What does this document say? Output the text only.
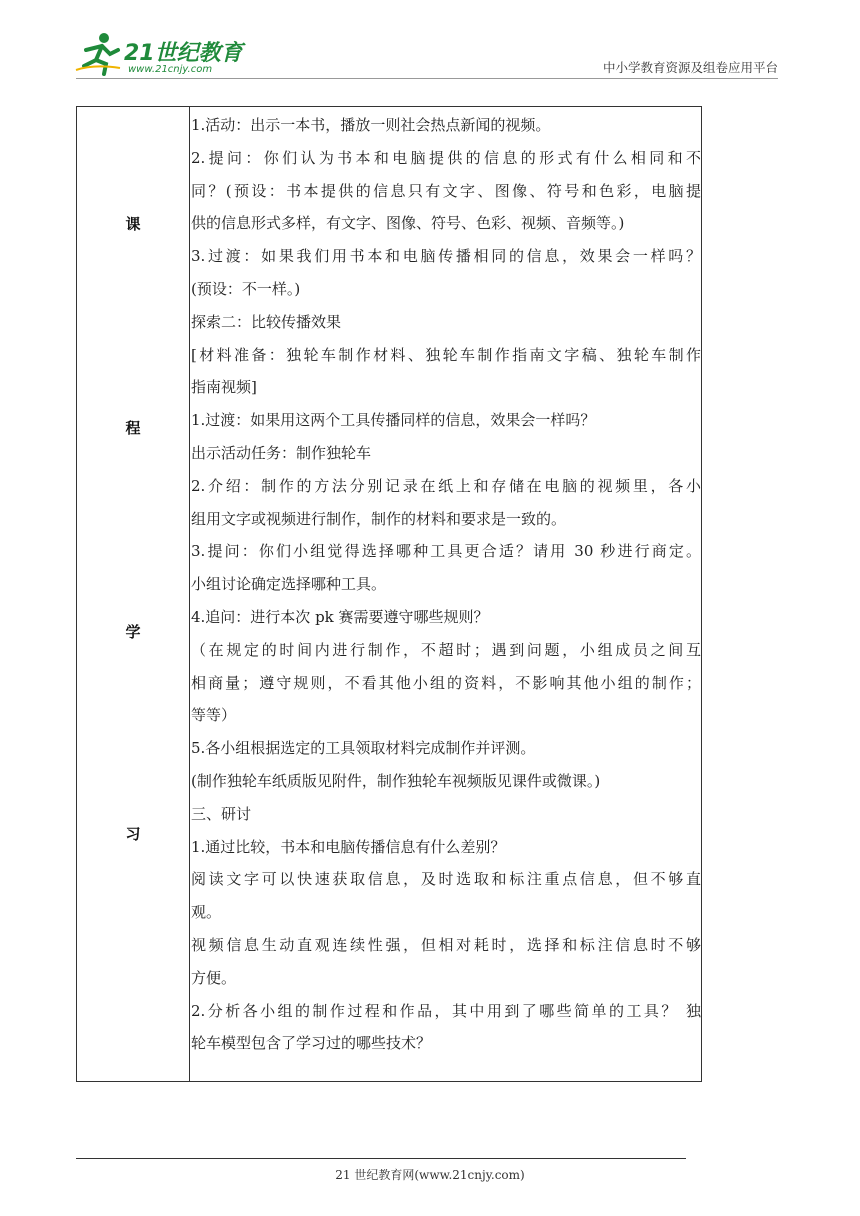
21世纪教育
www.21cnjy.com	中小学教育资源及组卷应用平台
课
程
学
习
1.活动：出示一本书，播放一则社会热点新闻的视频。
2.提问：你们认为书本和电脑提供的信息的形式有什么相同和不
同？(预设：书本提供的信息只有文字、图像、符号和色彩，电脑提
供的信息形式多样，有文字、图像、符号、色彩、视频、音频等。)
3.过渡：如果我们用书本和电脑传播相同的信息，效果会一样吗？
(预设：不一样。)
探索二：比较传播效果
[材料准备：独轮车制作材料、独轮车制作指南文字稿、独轮车制作
指南视频]
1.过渡：如果用这两个工具传播同样的信息，效果会一样吗？
出示活动任务：制作独轮车
2.介绍：制作的方法分别记录在纸上和存储在电脑的视频里，各小
组用文字或视频进行制作，制作的材料和要求是一致的。
3.提问：你们小组觉得选择哪种工具更合适？请用 30 秒进行商定。
小组讨论确定选择哪种工具。
4.追问：进行本次 pk 赛需要遵守哪些规则？
（在规定的时间内进行制作，不超时；遇到问题，小组成员之间互
相商量；遵守规则，不看其他小组的资料，不影响其他小组的制作；
等等）
5.各小组根据选定的工具领取材料完成制作并评测。
(制作独轮车纸质版见附件，制作独轮车视频版见课件或微课。)
三、研讨
1.通过比较，书本和电脑传播信息有什么差别？
阅读文字可以快速获取信息，及时选取和标注重点信息，但不够直
观。
视频信息生动直观连续性强，但相对耗时，选择和标注信息时不够
方便。
2.分析各小组的制作过程和作品，其中用到了哪些简单的工具？ 独
轮车模型包含了学习过的哪些技术？
21 世纪教育网(www.21cnjy.com)
